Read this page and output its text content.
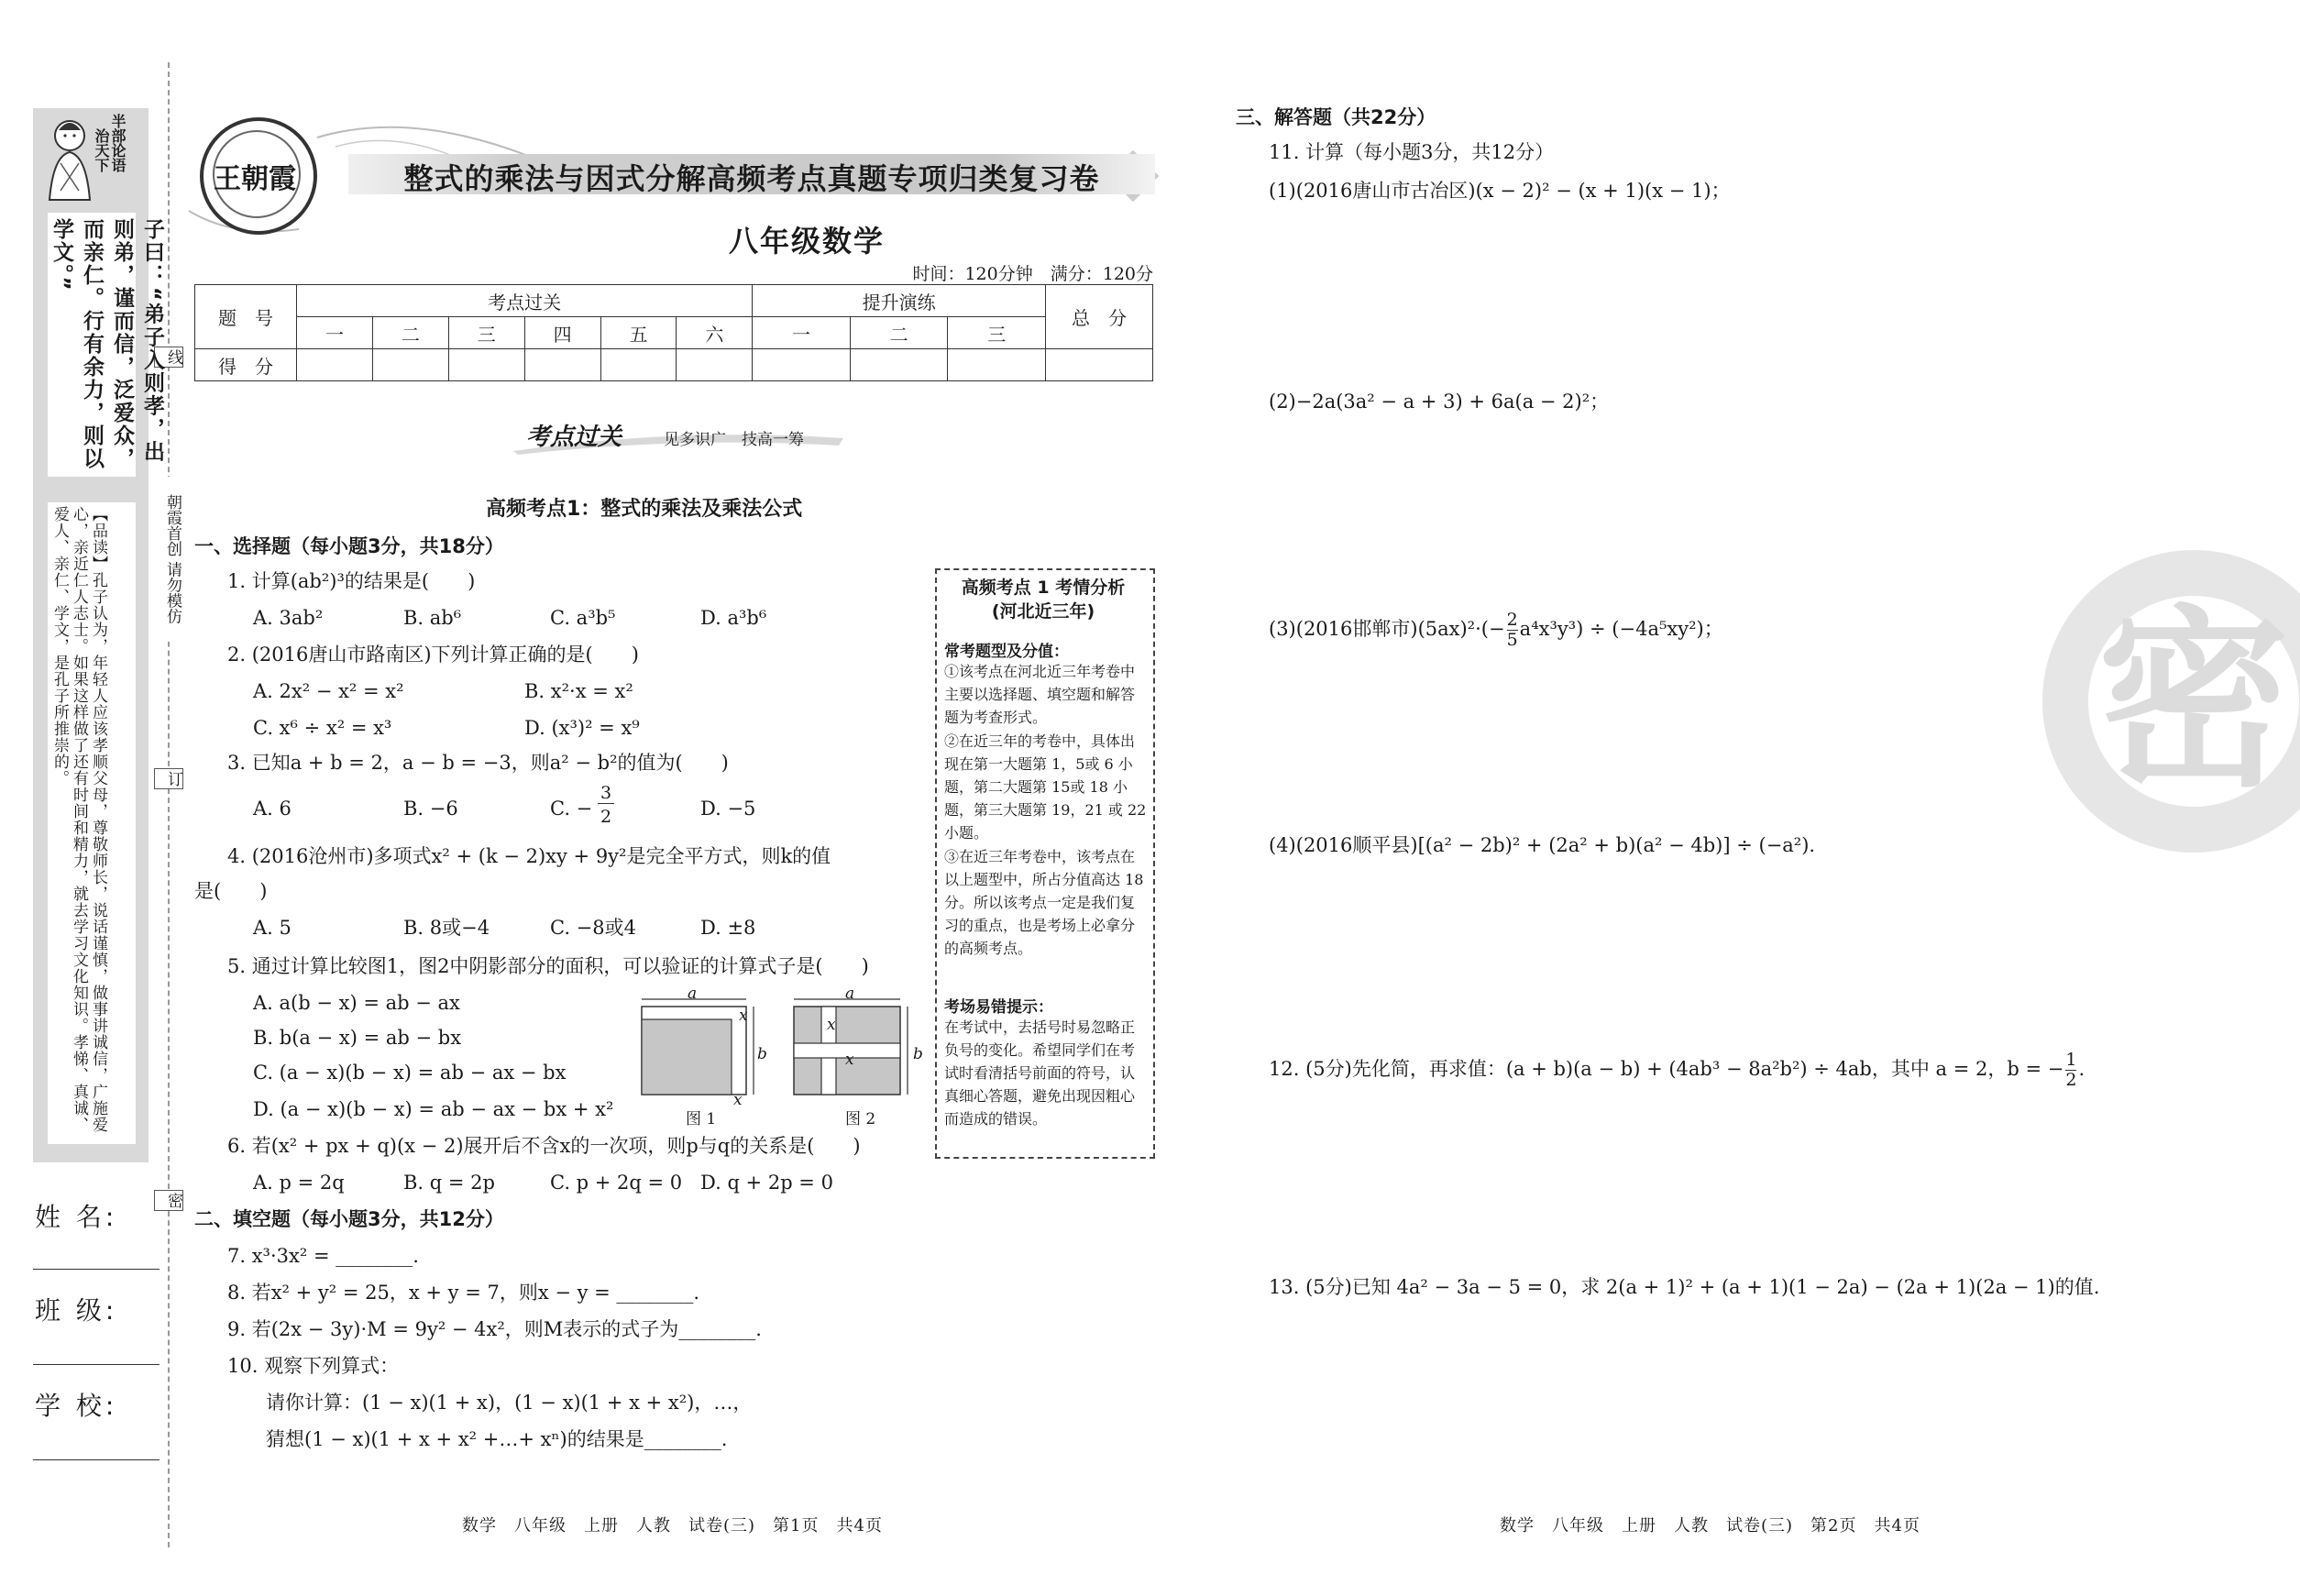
线
朝霞首创 请勿模仿
订
密
半部论语
治天下
子曰：“弟子入则孝，出则弟，谨而信，泛爱众，而亲仁。行有余力，则以学文。”
【品读】孔子认为，年轻人应该孝顺父母，尊敬师长，说话谨慎，做事讲诚信，广施爱心，亲近仁人志士。如果这样做了还有时间和精力，就去学习文化知识。孝悌、真诚、爱人、亲仁、学文，是孔子所推崇的。
姓 名:
班 级:
学 校:
王朝霞	整式的乘法与因式分解高频考点真题专项归类复习卷
八年级数学
时间：120分钟　满分：120分
题　号	考点过关						提升演练			总　分
	一	二	三	四	五	六	一	二	三	
得　分										
考点过关	见多识广　技高一筹
高频考点1：整式的乘法及乘法公式
一、选择题（每小题3分，共18分）
1. 计算(ab²)³的结果是(　　)
A. 3ab²	B. ab⁶	C. a³b⁵	D. a³b⁶
2. (2016唐山市路南区)下列计算正确的是(　　)
A. 2x² − x² = x²	B. x²·x = x²
C. x⁶ ÷ x² = x³	D. (x³)² = x⁹
3. 已知a + b = 2，a − b = −3，则a² − b²的值为(　　)
A. 6	B. −6	C. −
3
2	D. −5
4. (2016沧州市)多项式x² + (k − 2)xy + 9y²是完全平方式，则k的值
是(　　)
A. 5	B. 8或−4	C. −8或4	D. ±8
5. 通过计算比较图1，图2中阴影部分的面积，可以验证的计算式子是(　　)
A. a(b − x) = ab − ax
B. b(a − x) = ab − bx
C. (a − x)(b − x) = ab − ax − bx
D. (a − x)(b − x) = ab − ax − bx + x²
a
x
b
x
图 1
a
x
b
x
图 2
6. 若(x² + px + q)(x − 2)展开后不含x的一次项，则p与q的关系是(　　)
A. p = 2q	B. q = 2p	C. p + 2q = 0 D. q + 2p = 0
二、填空题（每小题3分，共12分）
7. x³·3x² = ________.
8. 若x² + y² = 25，x + y = 7，则x − y = ________.
9. 若(2x − 3y)·M = 9y² − 4x²，则M表示的式子为________.
10. 观察下列算式：
请你计算：(1 − x)(1 + x)，(1 − x)(1 + x + x²)，…，
猜想(1 − x)(1 + x + x² +…+ xⁿ)的结果是________.
数学　八年级　上册　人教　试卷(三)　第1页　共4页
高频考点 1 考情分析
(河北近三年)
常考题型及分值：
①该考点在河北近三年考卷中主要以选择题、填空题和解答题为考查形式。
②在近三年的考卷中，具体出现在第一大题第 1，5或 6 小题，第二大题第 15或 18 小题，第三大题第 19，21 或 22 小题。
③在近三年考卷中，该考点在以上题型中，所占分值高达 18 分。所以该考点一定是我们复习的重点，也是考场上必拿分的高频考点。
考场易错提示：
在考试中，去括号时易忽略正负号的变化。希望同学们在考试时看清括号前面的符号，认真细心答题，避免出现因粗心而造成的错误。
三、解答题（共22分）
11. 计算（每小题3分，共12分）
(1)(2016唐山市古冶区)(x − 2)² − (x + 1)(x − 1)；
(2)−2a(3a² − a + 3) + 6a(a − 2)²；
(3)(2016邯郸市)$(5ax)^2\cdot(- \frac{2}{5} a^4x^3y^3) \div (-4a^5xy^2)$；
(4)(2016顺平县)[(a² − 2b)² + (2a² + b)(a² − 4b)] ÷ (−a²).
12. (5分)先化简，再求值：(a + b)(a − b) + (4ab³ − 8a²b²) ÷ 4ab，其中 a = 2，b = − $\frac{1}{2}$ .
13. (5分)已知 4a² − 3a − 5 = 0，求 2(a + 1)² + (a + 1)(1 − 2a) − (2a + 1)(2a − 1)的值.
数学　八年级　上册　人教　试卷(三)　第2页　共4页
密
